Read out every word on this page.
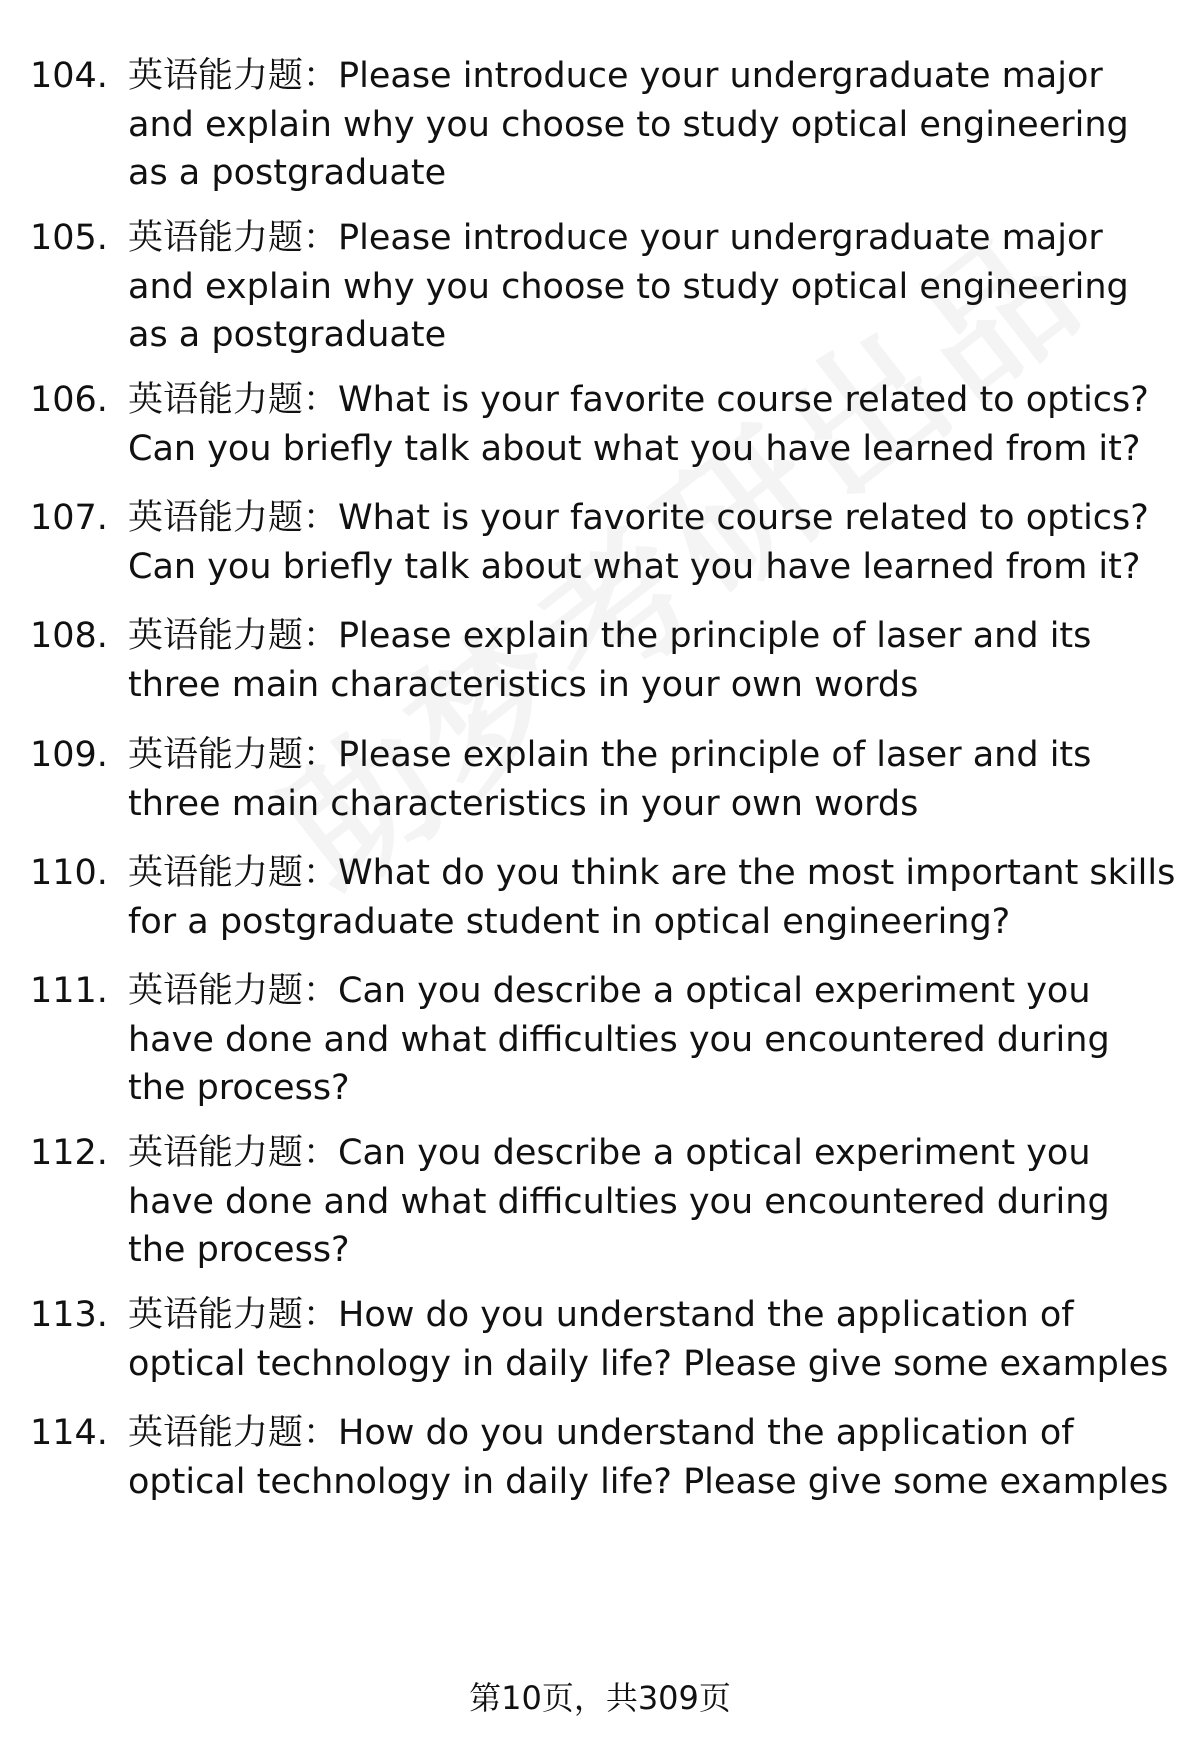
104. 英语能力题：Please introduce your undergraduate major and explain why you choose to study optical engineering as a postgraduate
105. 英语能力题：Please introduce your undergraduate major and explain why you choose to study optical engineering as a postgraduate
106. 英语能力题：What is your favorite course related to optics? Can you briefly talk about what you have learned from it?
107. 英语能力题：What is your favorite course related to optics? Can you briefly talk about what you have learned from it?
108. 英语能力题：Please explain the principle of laser and its three main characteristics in your own words
109. 英语能力题：Please explain the principle of laser and its three main characteristics in your own words
110. 英语能力题：What do you think are the most important skills for a postgraduate student in optical engineering?
111. 英语能力题：Can you describe a optical experiment you have done and what difficulties you encountered during the process?
112. 英语能力题：Can you describe a optical experiment you have done and what difficulties you encountered during the process?
113. 英语能力题：How do you understand the application of optical technology in daily life? Please give some examples
114. 英语能力题：How do you understand the application of optical technology in daily life? Please give some examples
第10页，共309页
